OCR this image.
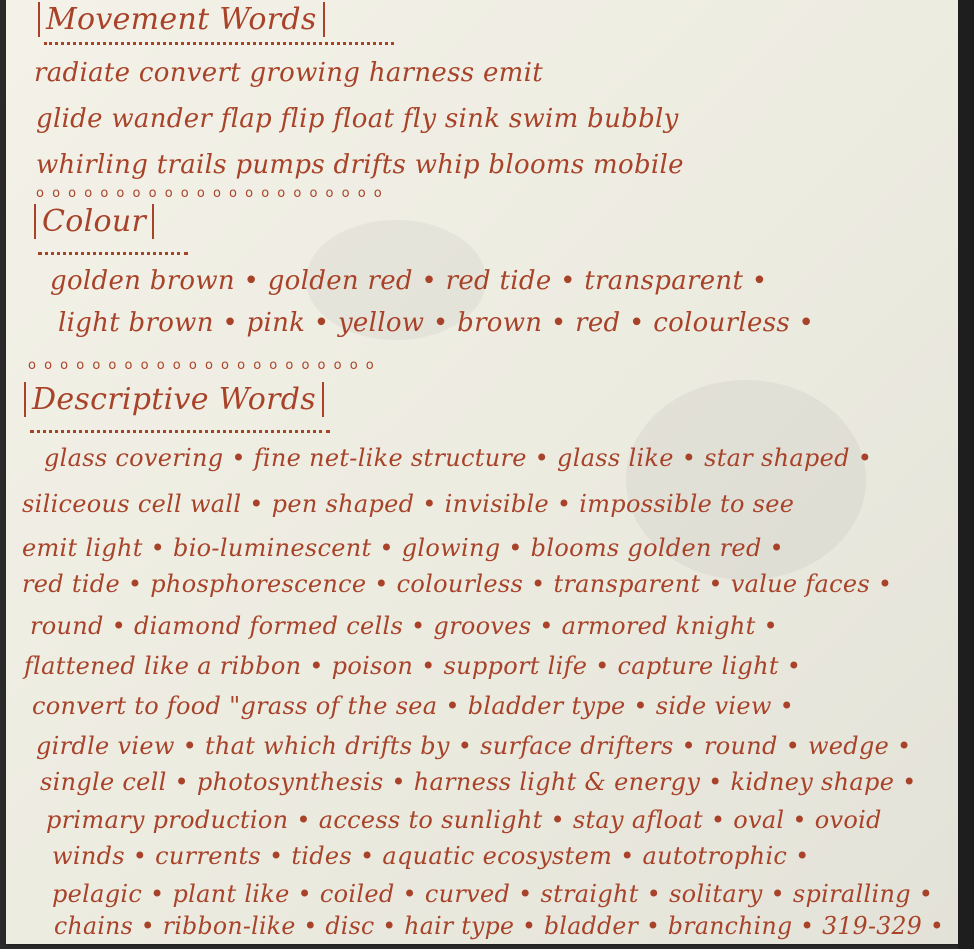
Movement Words
radiate convert growing harness emit
glide wander flap flip float fly sink swim bubbly
whirling trails pumps drifts whip blooms mobile
o o o o o o o o o o o o o o o o o o o o o o
Colour
golden brown • golden red • red tide • transparent •
light brown • pink • yellow • brown • red • colourless •
o o o o o o o o o o o o o o o o o o o o o o
Descriptive Words
glass covering • fine net-like structure • glass like • star shaped •
siliceous cell wall • pen shaped • invisible • impossible to see
emit light • bio-luminescent • glowing • blooms golden red •
red tide • phosphorescence • colourless • transparent • value faces •
round • diamond formed cells • grooves • armored knight •
flattened like a ribbon • poison • support life • capture light •
convert to food "grass of the sea • bladder type • side view •
girdle view • that which drifts by • surface drifters • round • wedge •
single cell • photosynthesis • harness light & energy • kidney shape •
primary production • access to sunlight • stay afloat • oval • ovoid
winds • currents • tides • aquatic ecosystem • autotrophic •
pelagic • plant like • coiled • curved • straight • solitary • spiralling •
chains • ribbon-like • disc • hair type • bladder • branching • 319-329 •
